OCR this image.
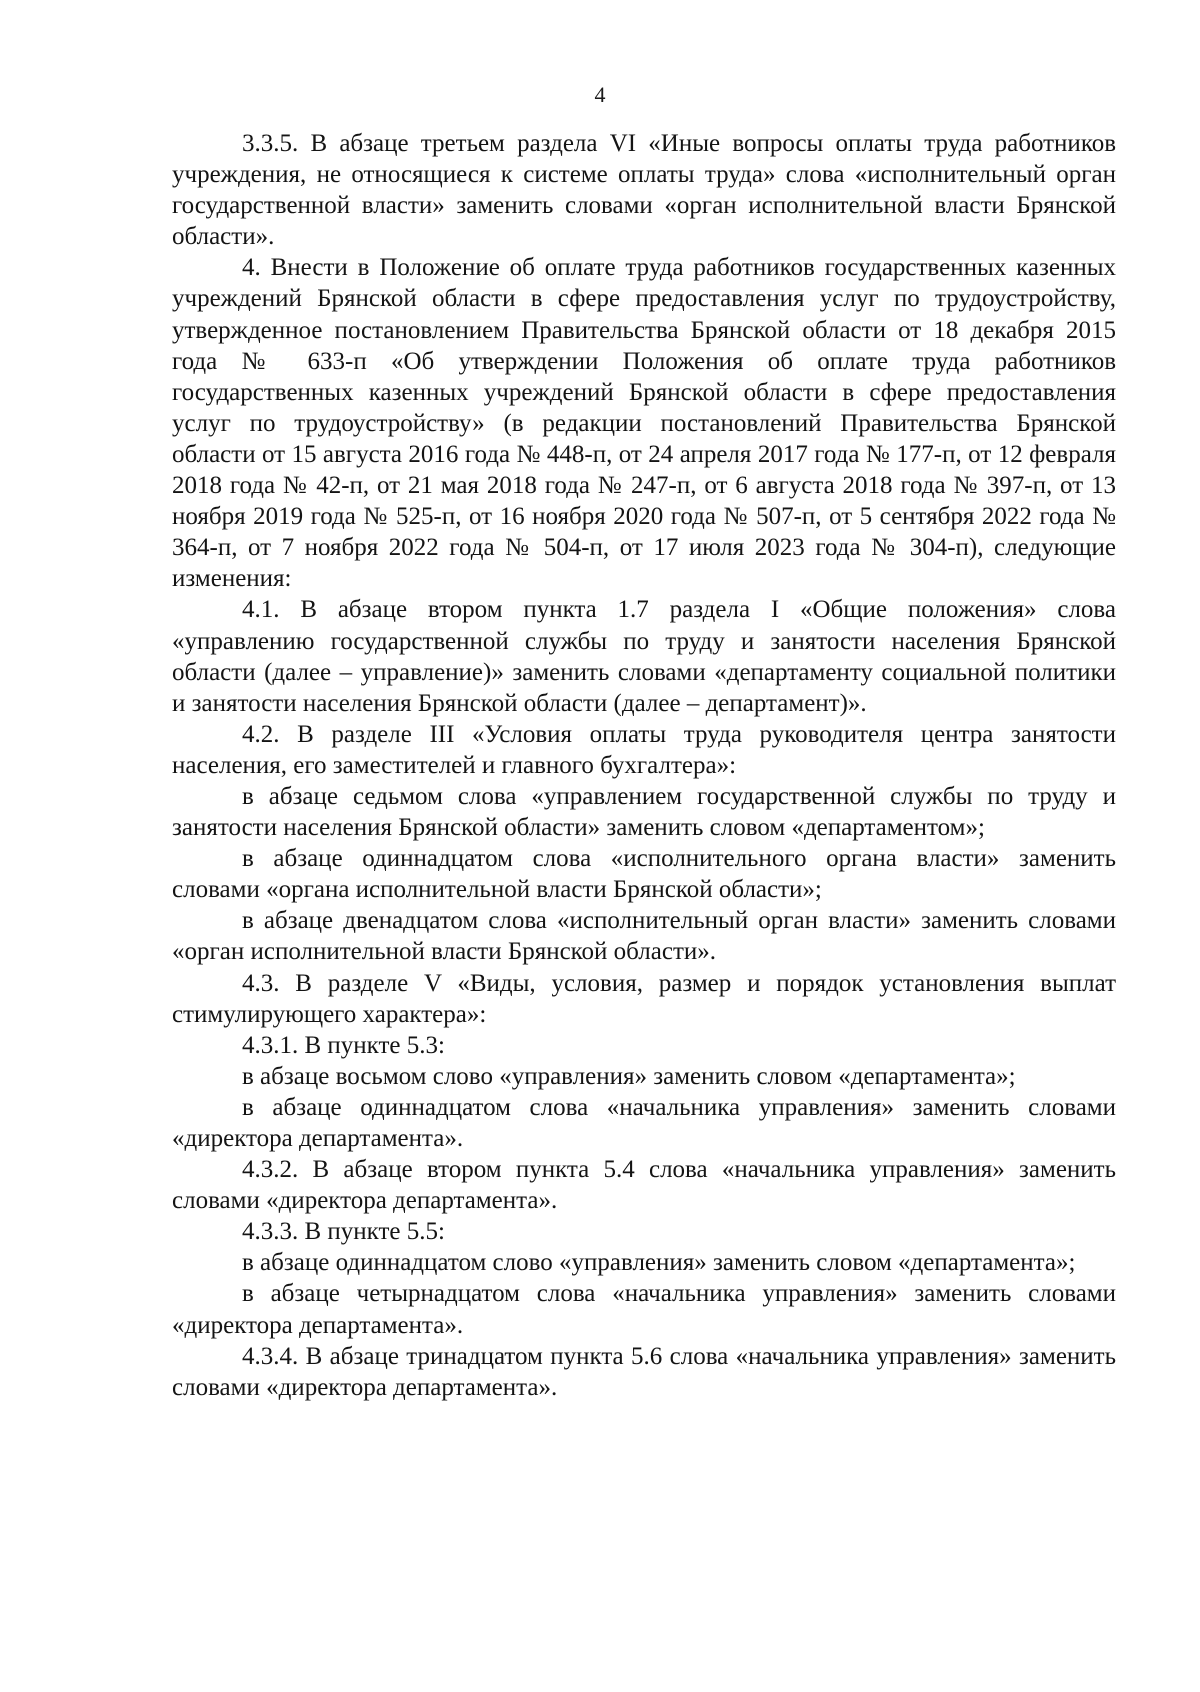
4

3.3.5. В абзаце третьем раздела VI «Иные вопросы оплаты труда работников учреждения, не относящиеся к системе оплаты труда» слова «исполнительный орган государственной власти» заменить словами «орган исполнительной власти Брянской области».

4. Внести в Положение об оплате труда работников государственных казенных учреждений Брянской области в сфере предоставления услуг по трудоустройству, утвержденное постановлением Правительства Брянской области от 18 декабря 2015 года № 633-п «Об утверждении Положения об оплате труда работников государственных казенных учреждений Брянской области в сфере предоставления услуг по трудоустройству» (в редакции постановлений Правительства Брянской области от 15 августа 2016 года № 448-п, от 24 апреля 2017 года № 177-п, от 12 февраля 2018 года № 42-п, от 21 мая 2018 года № 247-п, от 6 августа 2018 года № 397-п, от 13 ноября 2019 года № 525-п, от 16 ноября 2020 года № 507-п, от 5 сентября 2022 года № 364-п, от 7 ноября 2022 года № 504-п, от 17 июля 2023 года № 304-п), следующие изменения:

4.1. В абзаце втором пункта 1.7 раздела I «Общие положения» слова «управлению государственной службы по труду и занятости населения Брянской области (далее – управление)» заменить словами «департаменту социальной политики и занятости населения Брянской области (далее – департамент)».

4.2. В разделе III «Условия оплаты труда руководителя центра занятости населения, его заместителей и главного бухгалтера»:

в абзаце седьмом слова «управлением государственной службы по труду и занятости населения Брянской области» заменить словом «департаментом»;

в абзаце одиннадцатом слова «исполнительного органа власти» заменить словами «органа исполнительной власти Брянской области»;

в абзаце двенадцатом слова «исполнительный орган власти» заменить словами «орган исполнительной власти Брянской области».

4.3. В разделе V «Виды, условия, размер и порядок установления выплат стимулирующего характера»:

4.3.1. В пункте 5.3:

в абзаце восьмом слово «управления» заменить словом «департамента»;

в абзаце одиннадцатом слова «начальника управления» заменить словами «директора департамента».

4.3.2. В абзаце втором пункта 5.4 слова «начальника управления» заменить словами «директора департамента».

4.3.3. В пункте 5.5:

в абзаце одиннадцатом слово «управления» заменить словом «департамента»;

в абзаце четырнадцатом слова «начальника управления» заменить словами «директора департамента».

4.3.4. В абзаце тринадцатом пункта 5.6 слова «начальника управления» заменить словами «директора департамента».
